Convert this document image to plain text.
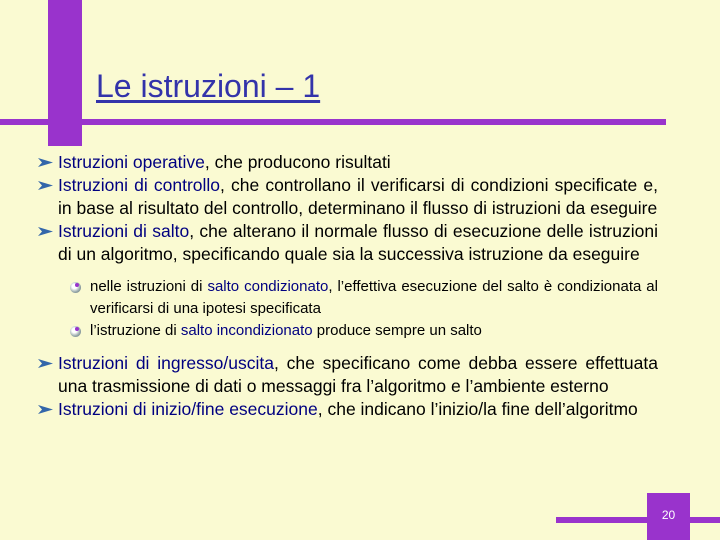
Le istruzioni – 1
Istruzioni operative, che producono risultati
Istruzioni di controllo, che controllano il verificarsi di condizioni specificate e, in base al risultato del controllo, determinano il flusso di istruzioni da eseguire
Istruzioni di salto, che alterano il normale flusso di esecuzione delle istruzioni di un algoritmo, specificando quale sia la successiva istruzione da eseguire
nelle istruzioni di salto condizionato, l’effettiva esecuzione del salto è condizionata al verificarsi di una ipotesi specificata
l’istruzione di salto incondizionato produce sempre un salto
Istruzioni di ingresso/uscita, che specificano come debba essere effettuata una trasmissione di dati o messaggi fra l’algoritmo e l’ambiente esterno
Istruzioni di inizio/fine esecuzione, che indicano l’inizio/la fine dell’algoritmo
20
